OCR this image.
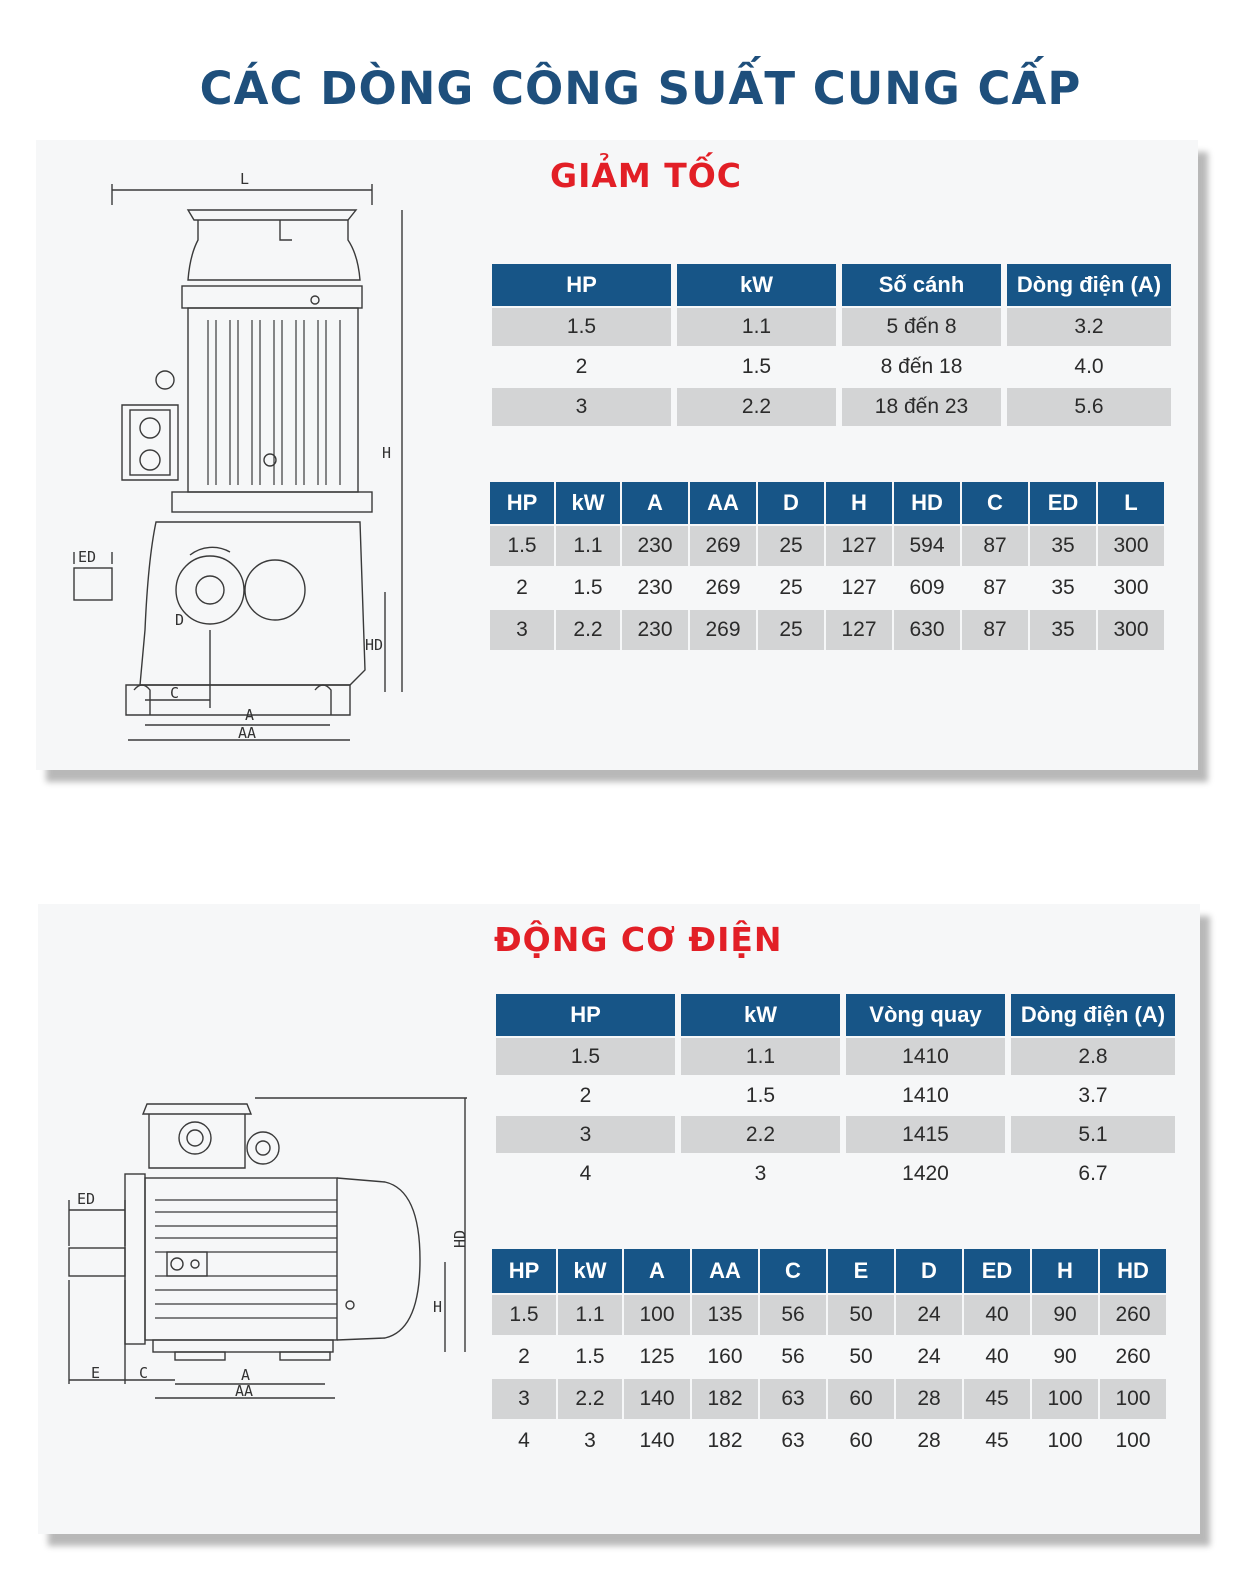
CÁC DÒNG CÔNG SUẤT CUNG CẤP
GIẢM TỐC
L
H
ED
D
HD
C
A
AA
HP	kW	Số cánh	Dòng điện (A)
1.5	1.1	5 đến 8	3.2
2	1.5	8 đến 18	4.0
3	2.2	18 đến 23	5.6
HP	kW	A	AA	D	H	HD	C	ED	L
1.5	1.1	230	269	25	127	594	87	35	300
2	1.5	230	269	25	127	609	87	35	300
3	2.2	230	269	25	127	630	87	35	300
ĐỘNG CƠ ĐIỆN
ED
HD
H
E	C	A
AA
HP	kW	Vòng quay	Dòng điện (A)
1.5	1.1	1410	2.8
2	1.5	1410	3.7
3	2.2	1415	5.1
4	3	1420	6.7
HP	kW	A	AA	C	E	D	ED	H	HD
1.5	1.1	100	135	56	50	24	40	90	260
2	1.5	125	160	56	50	24	40	90	260
3	2.2	140	182	63	60	28	45	100	100
4	3	140	182	63	60	28	45	100	100
